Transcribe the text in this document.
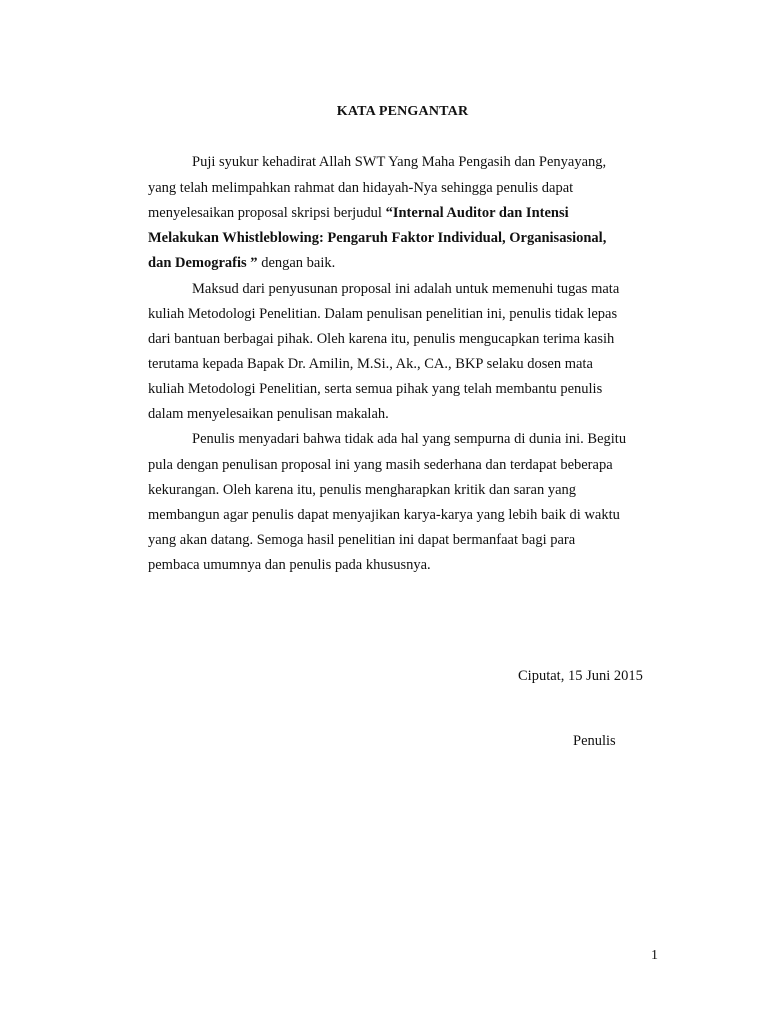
KATA PENGANTAR
Puji syukur kehadirat Allah SWT Yang Maha Pengasih dan Penyayang,
yang telah melimpahkan rahmat dan hidayah-Nya sehingga penulis dapat
menyelesaikan proposal skripsi berjudul “Internal Auditor dan Intensi
Melakukan Whistleblowing: Pengaruh Faktor Individual, Organisasional,
dan Demografis ” dengan baik.
Maksud dari penyusunan proposal ini adalah untuk memenuhi tugas mata
kuliah Metodologi Penelitian. Dalam penulisan penelitian ini, penulis tidak lepas
dari bantuan berbagai pihak. Oleh karena itu, penulis mengucapkan terima kasih
terutama kepada Bapak Dr. Amilin, M.Si., Ak., CA., BKP selaku dosen mata
kuliah Metodologi Penelitian, serta semua pihak yang telah membantu penulis
dalam menyelesaikan penulisan makalah.
Penulis menyadari bahwa tidak ada hal yang sempurna di dunia ini. Begitu
pula dengan penulisan proposal ini yang masih sederhana dan terdapat beberapa
kekurangan. Oleh karena itu, penulis mengharapkan kritik dan saran yang
membangun agar penulis dapat menyajikan karya-karya yang lebih baik di waktu
yang akan datang. Semoga hasil penelitian ini dapat bermanfaat bagi para
pembaca umumnya dan penulis pada khususnya.
Ciputat, 15 Juni 2015
Penulis
1
